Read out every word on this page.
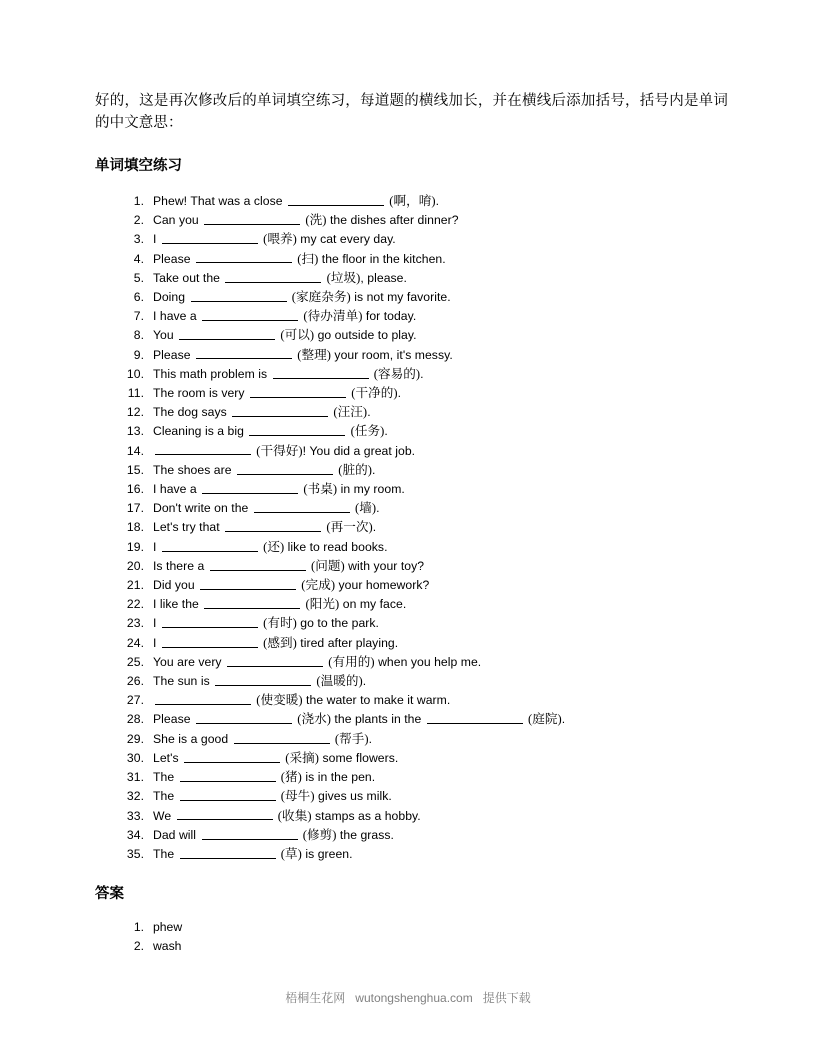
好的，这是再次修改后的单词填空练习，每道题的横线加长，并在横线后添加括号，括号内是单词的中文意思：

单词填空练习
Phew! That was a close	(啊，唷).
Can you	(洗) the dishes after dinner?
I	(喂养) my cat every day.
Please	(扫) the floor in the kitchen.
Take out the	(垃圾), please.
Doing	(家庭杂务) is not my favorite.
I have a	(待办清单) for today.
You	(可以) go outside to play.
Please	(整理) your room, it's messy.
This math problem is	(容易的).
The room is very	(干净的).
The dog says	(汪汪).
Cleaning is a big	(任务).
(干得好)! You did a great job.
The shoes are	(脏的).
I have a	(书桌) in my room.
Don't write on the	(墙).
Let's try that	(再一次).
I	(还) like to read books.
Is there a	(问题) with your toy?
Did you	(完成) your homework?
I like the	(阳光) on my face.
I	(有时) go to the park.
I	(感到) tired after playing.
You are very	(有用的) when you help me.
The sun is	(温暖的).
(使变暖) the water to make it warm.
Please	(浇水) the plants in the	(庭院).
She is a good	(帮手).
Let's	(采摘) some flowers.
The	(猪) is in the pen.
The	(母牛) gives us milk.
We	(收集) stamps as a hobby.
Dad will	(修剪) the grass.
The	(草) is green.
答案
phew
wash
梧桐生花网 wutongshenghua.com 提供下载
